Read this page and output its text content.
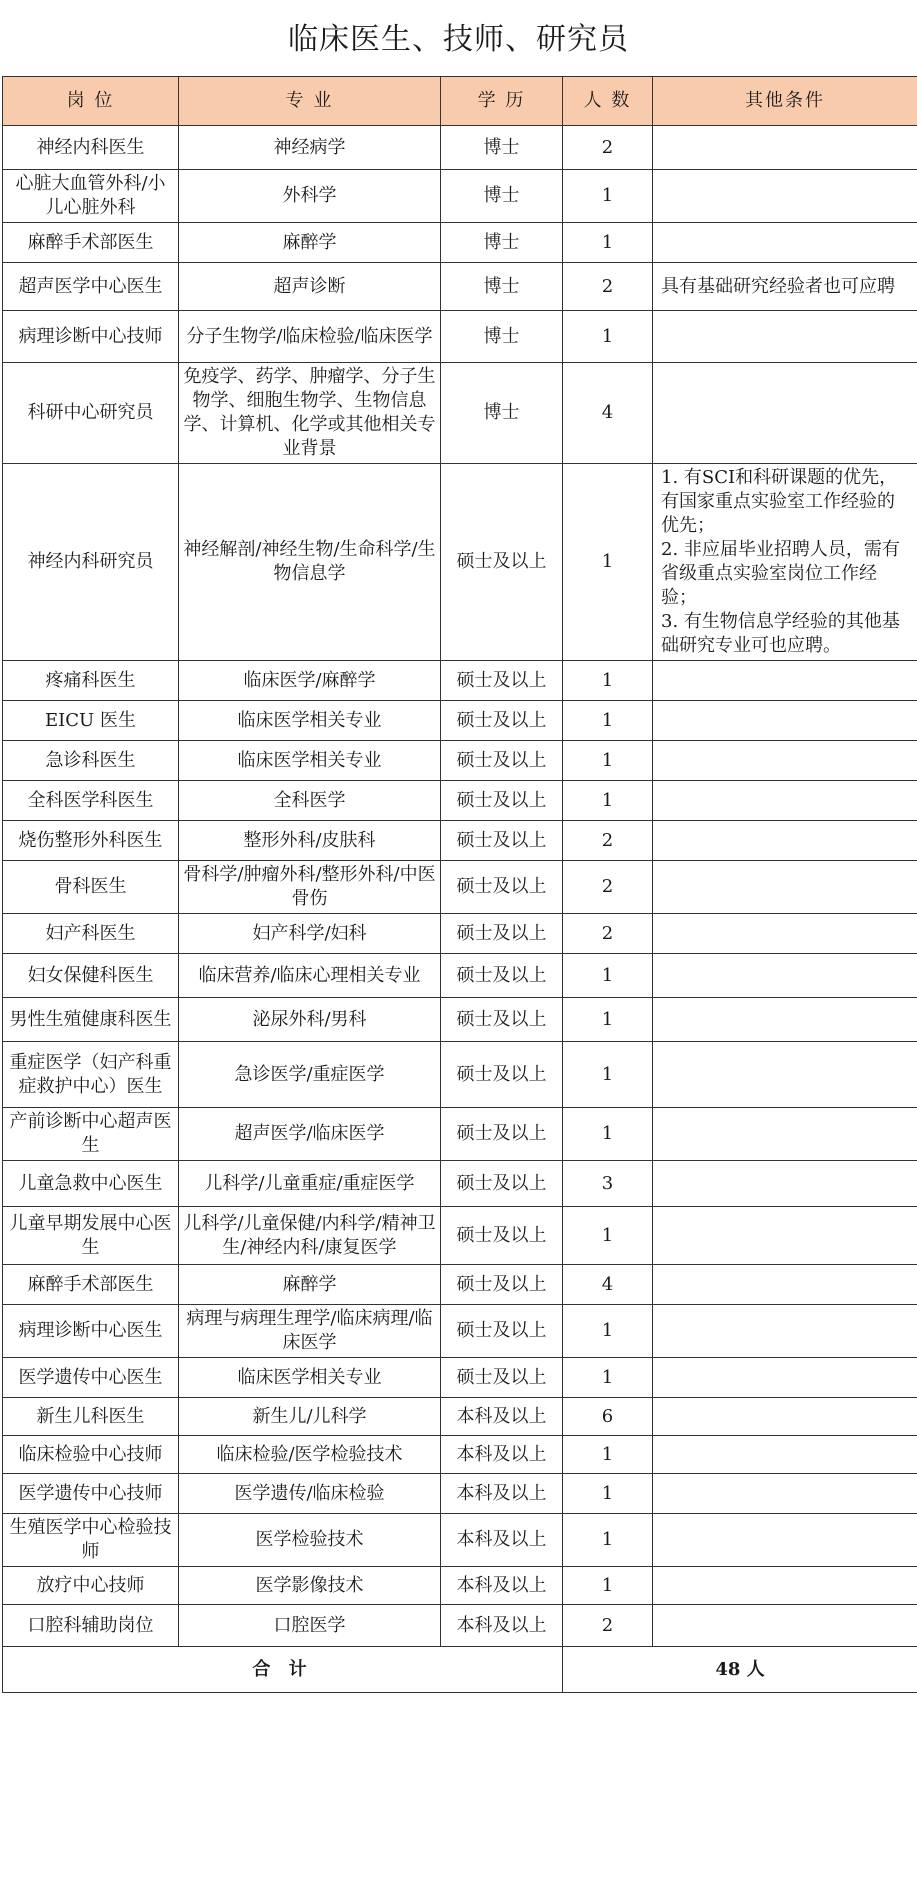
临床医生、技师、研究员
岗 位	专 业	学 历	人 数	其他条件
神经内科医生	神经病学	博士	2	
心脏大血管外科/小儿心脏外科	外科学	博士	1	
麻醉手术部医生	麻醉学	博士	1	
超声医学中心医生	超声诊断	博士	2	具有基础研究经验者也可应聘
病理诊断中心技师	分子生物学/临床检验/临床医学	博士	1	
科研中心研究员	免疫学、药学、肿瘤学、分子生物学、细胞生物学、生物信息学、计算机、化学或其他相关专业背景	博士	4	
神经内科研究员	神经解剖/神经生物/生命科学/生物信息学	硕士及以上	1	1. 有SCI和科研课题的优先，有国家重点实验室工作经验的优先；
2. 非应届毕业招聘人员，需有省级重点实验室岗位工作经验；
3. 有生物信息学经验的其他基础研究专业可也应聘。
疼痛科医生	临床医学/麻醉学	硕士及以上	1	
EICU 医生	临床医学相关专业	硕士及以上	1	
急诊科医生	临床医学相关专业	硕士及以上	1	
全科医学科医生	全科医学	硕士及以上	1	
烧伤整形外科医生	整形外科/皮肤科	硕士及以上	2	
骨科医生	骨科学/肿瘤外科/整形外科/中医骨伤	硕士及以上	2	
妇产科医生	妇产科学/妇科	硕士及以上	2	
妇女保健科医生	临床营养/临床心理相关专业	硕士及以上	1	
男性生殖健康科医生	泌尿外科/男科	硕士及以上	1	
重症医学（妇产科重症救护中心）医生	急诊医学/重症医学	硕士及以上	1	
产前诊断中心超声医生	超声医学/临床医学	硕士及以上	1	
儿童急救中心医生	儿科学/儿童重症/重症医学	硕士及以上	3	
儿童早期发展中心医生	儿科学/儿童保健/内科学/精神卫生/神经内科/康复医学	硕士及以上	1	
麻醉手术部医生	麻醉学	硕士及以上	4	
病理诊断中心医生	病理与病理生理学/临床病理/临床医学	硕士及以上	1	
医学遗传中心医生	临床医学相关专业	硕士及以上	1	
新生儿科医生	新生儿/儿科学	本科及以上	6	
临床检验中心技师	临床检验/医学检验技术	本科及以上	1	
医学遗传中心技师	医学遗传/临床检验	本科及以上	1	
生殖医学中心检验技师	医学检验技术	本科及以上	1	
放疗中心技师	医学影像技术	本科及以上	1	
口腔科辅助岗位	口腔医学	本科及以上	2	
合 计			48 人	
